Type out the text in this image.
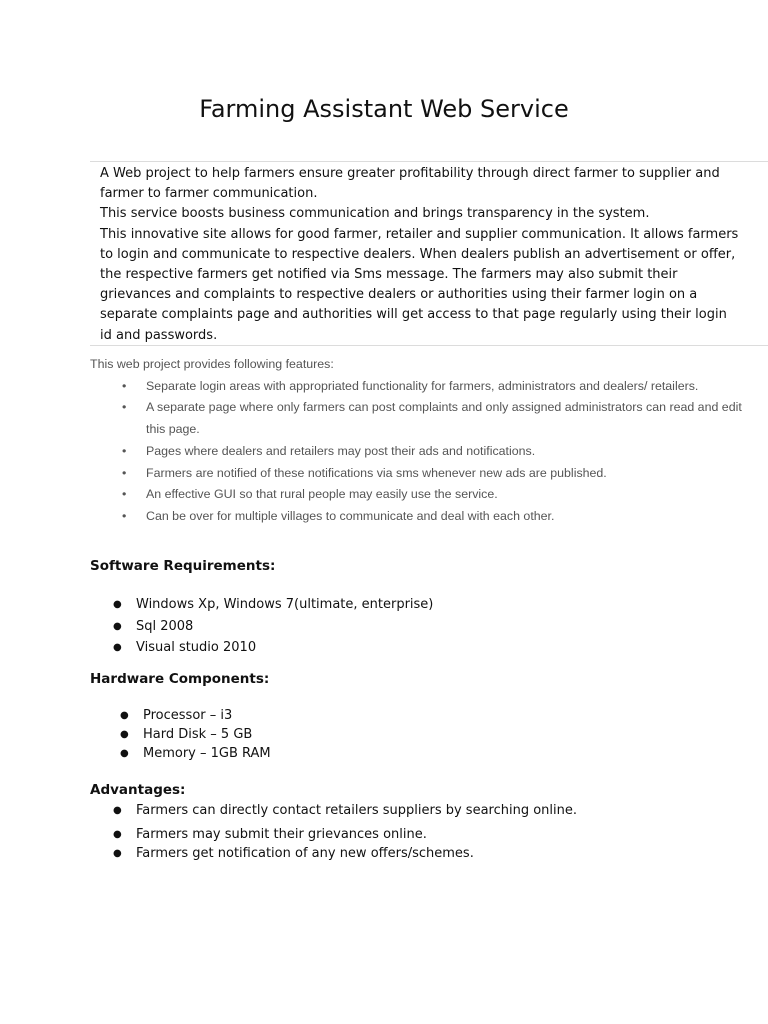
Farming Assistant Web Service

A Web project to help farmers ensure greater profitability through direct farmer to supplier and farmer to farmer communication.

This service boosts business communication and brings transparency in the system.

This innovative site allows for good farmer, retailer and supplier communication. It allows farmers to login and communicate to respective dealers. When dealers publish an advertisement or offer, the respective farmers get notified via Sms message. The farmers may also submit their grievances and complaints to respective dealers or authorities using their farmer login on a separate complaints page and authorities will get access to that page regularly using their login id and passwords.

This web project provides following features:
• Separate login areas with appropriated functionality for farmers, administrators and dealers/ retailers.
• A separate page where only farmers can post complaints and only assigned administrators can read and edit this page.
• Pages where dealers and retailers may post their ads and notifications.
• Farmers are notified of these notifications via sms whenever new ads are published.
• An effective GUI so that rural people may easily use the service.
• Can be over for multiple villages to communicate and deal with each other.
Software Requirements:
● Windows Xp, Windows 7(ultimate, enterprise)
● Sql 2008
● Visual studio 2010
Hardware Components:
● Processor – i3
● Hard Disk – 5 GB
● Memory – 1GB RAM
Advantages:
● Farmers can directly contact retailers suppliers by searching online.
● Farmers may submit their grievances online.
● Farmers get notification of any new offers/schemes.
